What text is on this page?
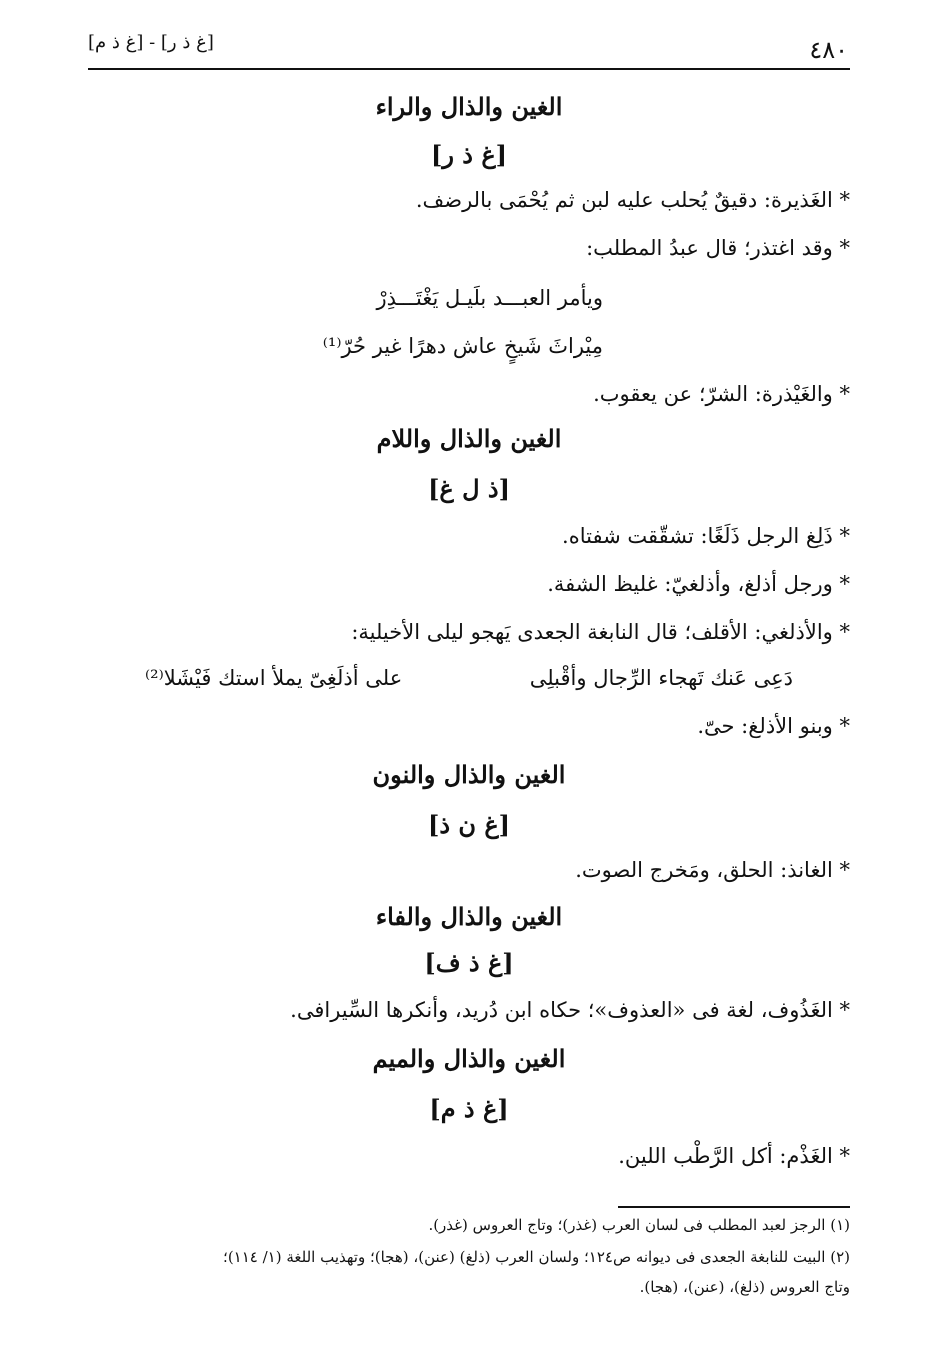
٤٨٠
[غ ذ ر] - [غ ذ م]
الغين والذال والراء
[غ ذ ر]
* الغَذيرة: دقيقٌ يُحلب عليه لبن ثم يُحْمَى بالرضف.
* وقد اغتذر؛ قال عبدُ المطلب:
ويأمر العبـــد بلَيـل يَغْتَـــذِرْ
مِيْراثَ شَيخٍ عاش دهرًا غير حُرّ⁽¹⁾
* والغَيْذرة: الشرّ؛ عن يعقوب.
الغين والذال واللام
[ذ ل غ]
* ذَلِغ الرجل ذَلَغًا: تشقّقت شفتاه.
* ورجل أذلغ، وأذلغيّ: غليظ الشفة.
* والأذلغي: الأقلف؛ قال النابغة الجعدى يَهجو ليلى الأخيلية:
دَعِى عَنك تَهجاء الرِّجال وأقْبلِى
على أذلَغِىّ يملأ استك فَيْشَلا⁽²⁾
* وبنو الأذلغ: حىّ.
الغين والذال والنون
[غ ن ذ]
* الغانذ: الحلق، ومَخرج الصوت.
الغين والذال والفاء
[غ ذ ف]
* الغَذُوف، لغة فى «العذوف»؛ حكاه ابن دُريد، وأنكرها السِّيرافى.
الغين والذال والميم
[غ ذ م]
* الغَذْم: أكل الرَّطْب اللين.
(١) الرجز لعبد المطلب فى لسان العرب (غذر)؛ وتاج العروس (غذر).
(٢) البيت للنابغة الجعدى فى ديوانه ص١٢٤؛ ولسان العرب (ذلغ) (عنن)، (هجا)؛ وتهذيب اللغة (١/ ١١٤)؛
وتاج العروس (ذلغ)، (عنن)، (هجا).
